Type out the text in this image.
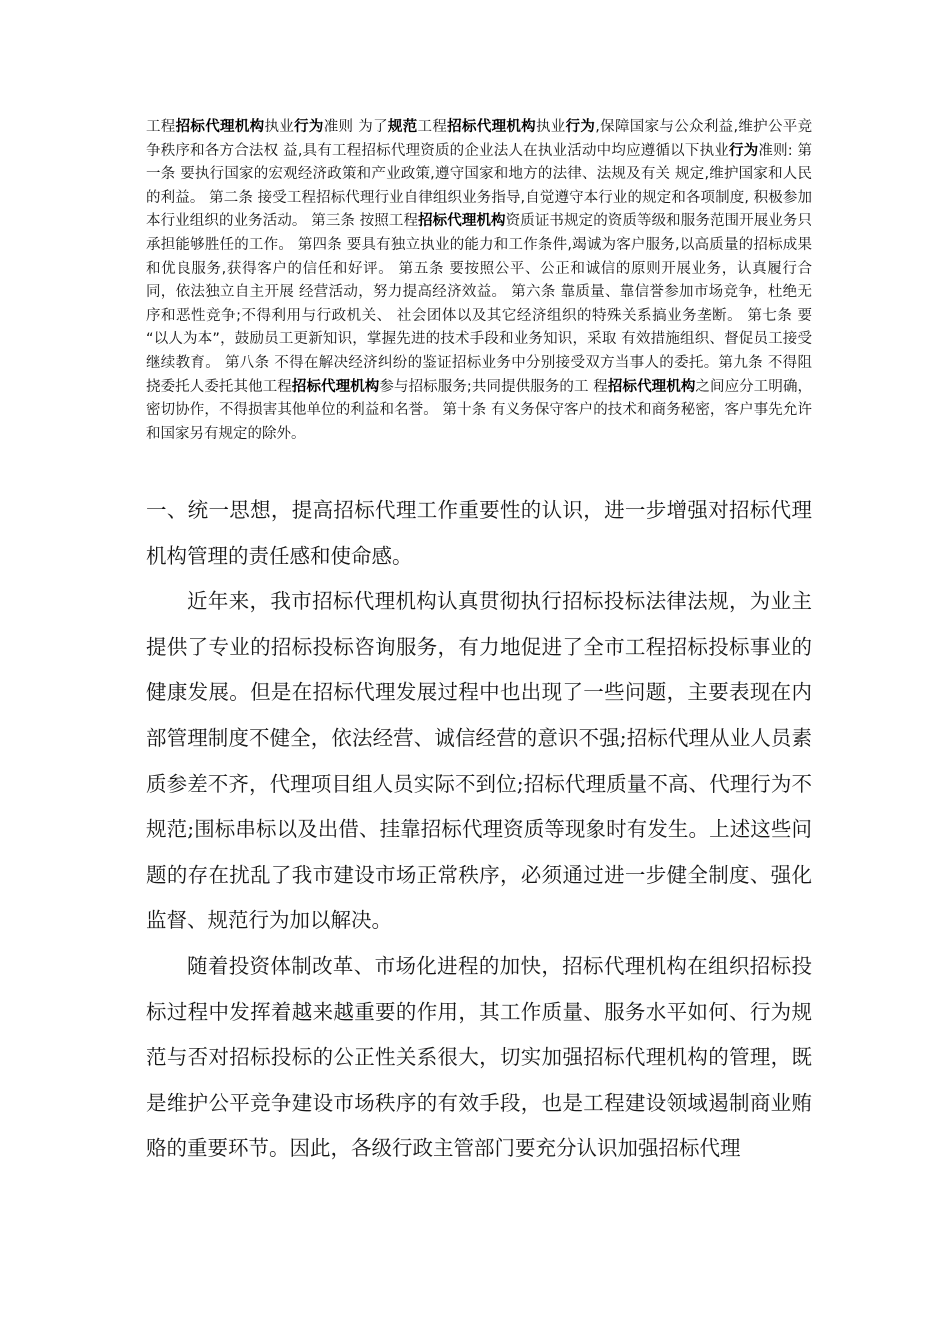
工程招标代理机构执业行为准则 为了规范工程招标代理机构执业行为,保障国家与公众利益,维护公平竞争秩序和各方合法权 益,具有工程招标代理资质的企业法人在执业活动中均应遵循以下执业行为准则: 第一条 要执行国家的宏观经济政策和产业政策,遵守国家和地方的法律、法规及有关 规定,维护国家和人民的利益。 第二条 接受工程招标代理行业自律组织业务指导,自觉遵守本行业的规定和各项制度, 积极参加本行业组织的业务活动。 第三条 按照工程招标代理机构资质证书规定的资质等级和服务范围开展业务只承担能够胜任的工作。 第四条 要具有独立执业的能力和工作条件,竭诚为客户服务,以高质量的招标成果和优良服务,获得客户的信任和好评。 第五条 要按照公平、公正和诚信的原则开展业务，认真履行合同，依法独立自主开展 经营活动，努力提高经济效益。 第六条 靠质量、靠信誉参加市场竞争，杜绝无序和恶性竞争;不得利用与行政机关、 社会团体以及其它经济组织的特殊关系搞业务垄断。 第七条 要 “以人为本”，鼓励员工更新知识，掌握先进的技术手段和业务知识，采取 有效措施组织、督促员工接受继续教育。 第八条 不得在解决经济纠纷的鉴证招标业务中分别接受双方当事人的委托。第九条 不得阻挠委托人委托其他工程招标代理机构参与招标服务;共同提供服务的工 程招标代理机构之间应分工明确，密切协作，不得损害其他单位的利益和名誉。 第十条 有义务保守客户的技术和商务秘密，客户事先允许和国家另有规定的除外。

一、统一思想，提高招标代理工作重要性的认识，进一步增强对招标代理机构管理的责任感和使命感。

近年来，我市招标代理机构认真贯彻执行招标投标法律法规，为业主提供了专业的招标投标咨询服务，有力地促进了全市工程招标投标事业的健康发展。但是在招标代理发展过程中也出现了一些问题，主要表现在内部管理制度不健全，依法经营、诚信经营的意识不强;招标代理从业人员素质参差不齐，代理项目组人员实际不到位;招标代理质量不高、代理行为不规范;围标串标以及出借、挂靠招标代理资质等现象时有发生。上述这些问题的存在扰乱了我市建设市场正常秩序，必须通过进一步健全制度、强化监督、规范行为加以解决。

随着投资体制改革、市场化进程的加快，招标代理机构在组织招标投标过程中发挥着越来越重要的作用，其工作质量、服务水平如何、行为规范与否对招标投标的公正性关系很大，切实加强招标代理机构的管理，既是维护公平竞争建设市场秩序的有效手段，也是工程建设领域遏制商业贿赂的重要环节。因此，各级行政主管部门要充分认识加强招标代理
